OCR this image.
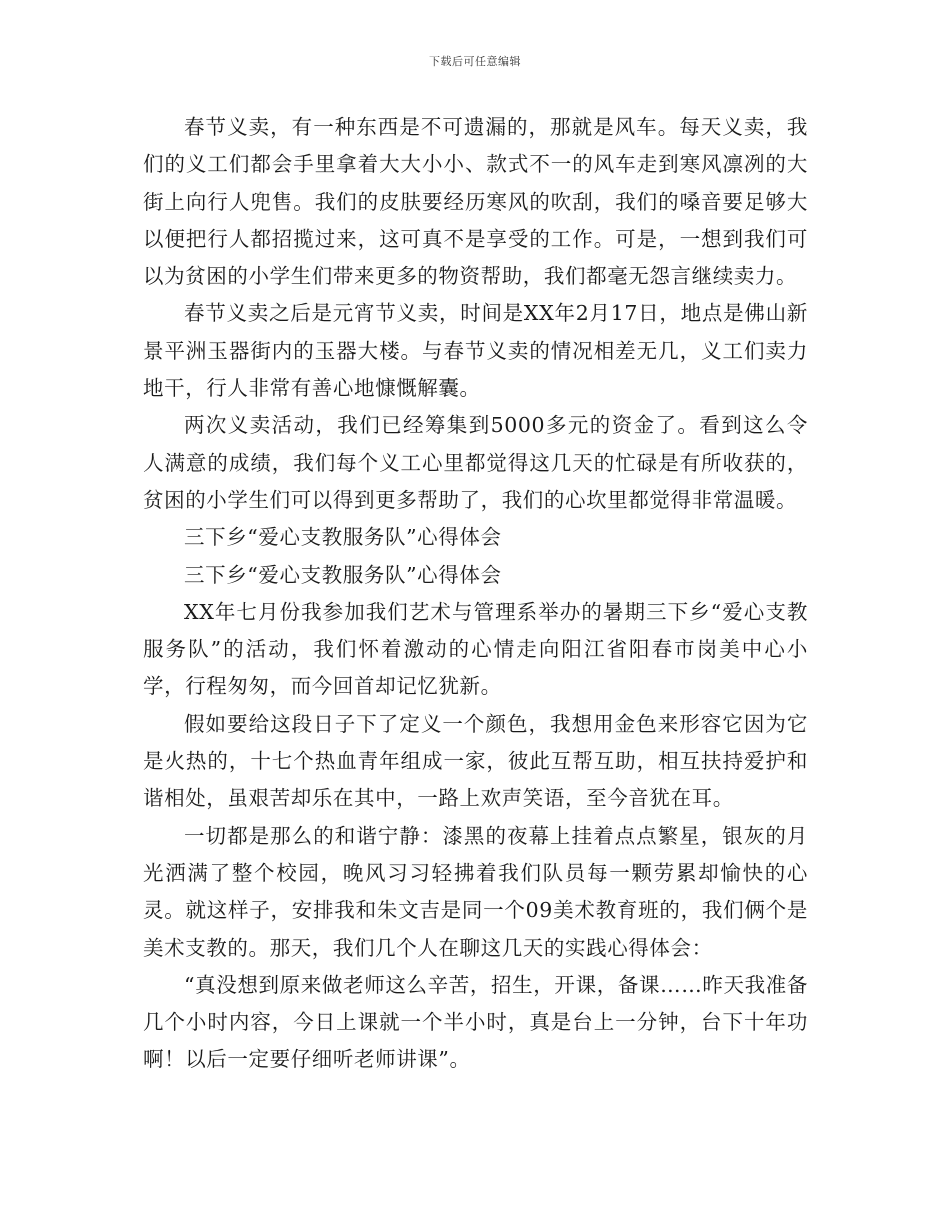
下载后可任意编辑

春节义卖，有一种东西是不可遗漏的，那就是风车。每天义卖，我们的义工们都会手里拿着大大小小、款式不一的风车走到寒风凛冽的大街上向行人兜售。我们的皮肤要经历寒风的吹刮，我们的嗓音要足够大以便把行人都招揽过来，这可真不是享受的工作。可是，一想到我们可以为贫困的小学生们带来更多的物资帮助，我们都毫无怨言继续卖力。

春节义卖之后是元宵节义卖，时间是XX年2月17日，地点是佛山新景平洲玉器街内的玉器大楼。与春节义卖的情况相差无几，义工们卖力地干，行人非常有善心地慷慨解囊。

两次义卖活动，我们已经筹集到5000多元的资金了。看到这么令人满意的成绩，我们每个义工心里都觉得这几天的忙碌是有所收获的，贫困的小学生们可以得到更多帮助了，我们的心坎里都觉得非常温暖。

三下乡“爱心支教服务队”心得体会

三下乡“爱心支教服务队”心得体会

XX年七月份我参加我们艺术与管理系举办的暑期三下乡“爱心支教服务队”的活动，我们怀着激动的心情走向阳江省阳春市岗美中心小学，行程匆匆，而今回首却记忆犹新。

假如要给这段日子下了定义一个颜色，我想用金色来形容它因为它是火热的，十七个热血青年组成一家，彼此互帮互助，相互扶持爱护和谐相处，虽艰苦却乐在其中，一路上欢声笑语，至今音犹在耳。

一切都是那么的和谐宁静：漆黑的夜幕上挂着点点繁星，银灰的月光洒满了整个校园，晚风习习轻拂着我们队员每一颗劳累却愉快的心灵。就这样子，安排我和朱文吉是同一个09美术教育班的，我们俩个是美术支教的。那天，我们几个人在聊这几天的实践心得体会：

“真没想到原来做老师这么辛苦，招生，开课，备课……昨天我准备几个小时内容，今日上课就一个半小时，真是台上一分钟，台下十年功啊！以后一定要仔细听老师讲课”。
